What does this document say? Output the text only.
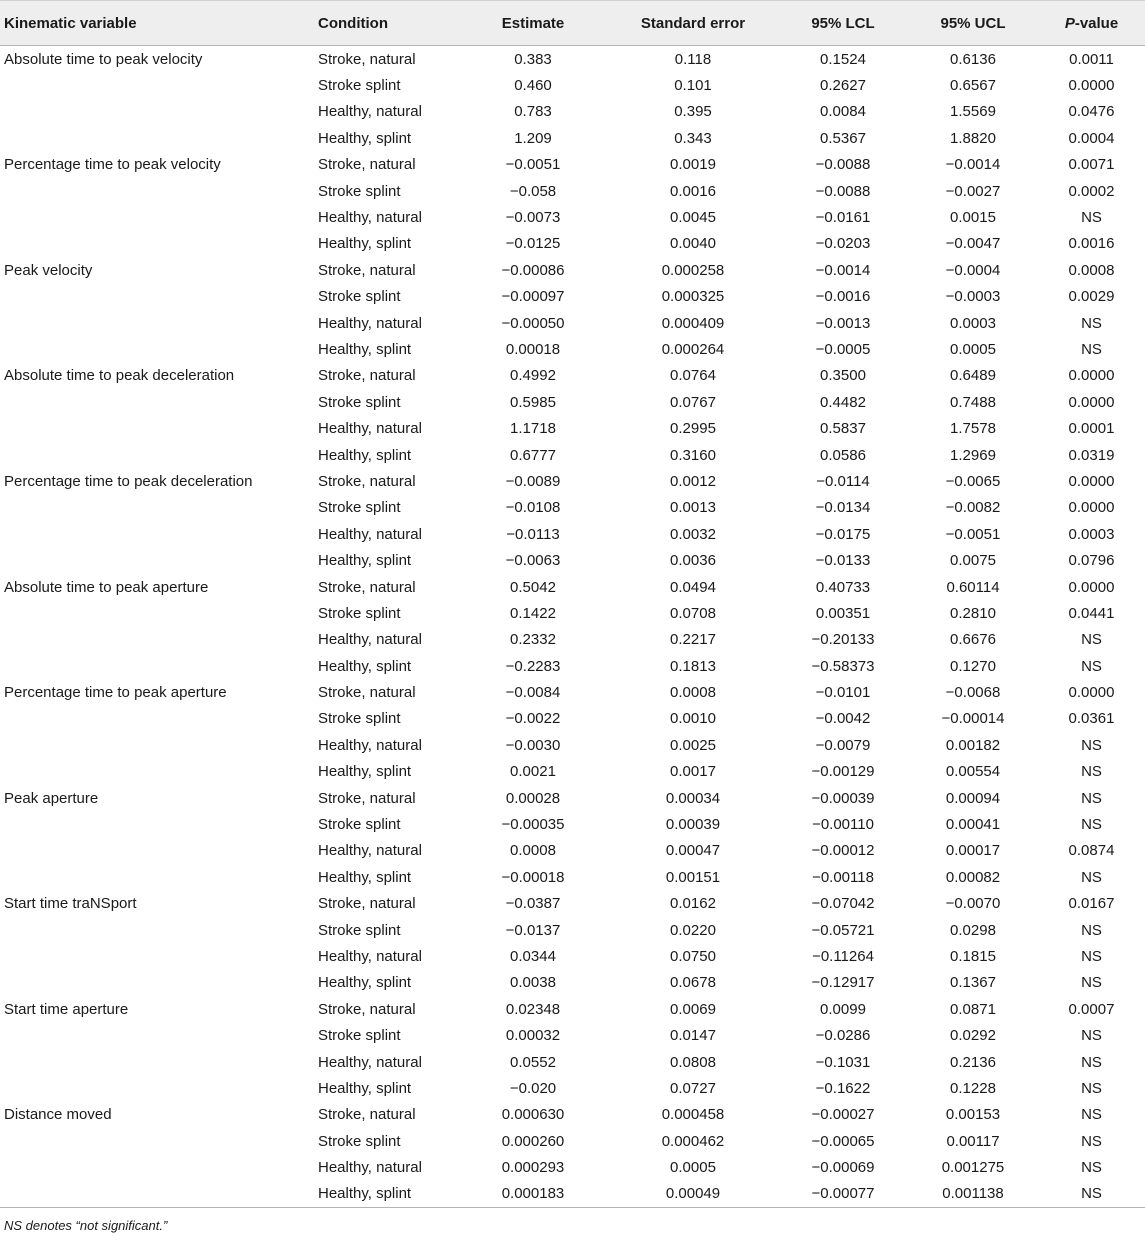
Kinematic variable	Condition	Estimate	Standard error	95% LCL	95% UCL	P-value
Absolute time to peak velocity	Stroke, natural	0.383	0.118	0.1524	0.6136	0.0011
	Stroke splint	0.460	0.101	0.2627	0.6567	0.0000
	Healthy, natural	0.783	0.395	0.0084	1.5569	0.0476
	Healthy, splint	1.209	0.343	0.5367	1.8820	0.0004
Percentage time to peak velocity	Stroke, natural	−0.0051	0.0019	−0.0088	−0.0014	0.0071
	Stroke splint	−0.058	0.0016	−0.0088	−0.0027	0.0002
	Healthy, natural	−0.0073	0.0045	−0.0161	0.0015	NS
	Healthy, splint	−0.0125	0.0040	−0.0203	−0.0047	0.0016
Peak velocity	Stroke, natural	−0.00086	0.000258	−0.0014	−0.0004	0.0008
	Stroke splint	−0.00097	0.000325	−0.0016	−0.0003	0.0029
	Healthy, natural	−0.00050	0.000409	−0.0013	0.0003	NS
	Healthy, splint	0.00018	0.000264	−0.0005	0.0005	NS
Absolute time to peak deceleration	Stroke, natural	0.4992	0.0764	0.3500	0.6489	0.0000
	Stroke splint	0.5985	0.0767	0.4482	0.7488	0.0000
	Healthy, natural	1.1718	0.2995	0.5837	1.7578	0.0001
	Healthy, splint	0.6777	0.3160	0.0586	1.2969	0.0319
Percentage time to peak deceleration	Stroke, natural	−0.0089	0.0012	−0.0114	−0.0065	0.0000
	Stroke splint	−0.0108	0.0013	−0.0134	−0.0082	0.0000
	Healthy, natural	−0.0113	0.0032	−0.0175	−0.0051	0.0003
	Healthy, splint	−0.0063	0.0036	−0.0133	0.0075	0.0796
Absolute time to peak aperture	Stroke, natural	0.5042	0.0494	0.40733	0.60114	0.0000
	Stroke splint	0.1422	0.0708	0.00351	0.2810	0.0441
	Healthy, natural	0.2332	0.2217	−0.20133	0.6676	NS
	Healthy, splint	−0.2283	0.1813	−0.58373	0.1270	NS
Percentage time to peak aperture	Stroke, natural	−0.0084	0.0008	−0.0101	−0.0068	0.0000
	Stroke splint	−0.0022	0.0010	−0.0042	−0.00014	0.0361
	Healthy, natural	−0.0030	0.0025	−0.0079	0.00182	NS
	Healthy, splint	0.0021	0.0017	−0.00129	0.00554	NS
Peak aperture	Stroke, natural	0.00028	0.00034	−0.00039	0.00094	NS
	Stroke splint	−0.00035	0.00039	−0.00110	0.00041	NS
	Healthy, natural	0.0008	0.00047	−0.00012	0.00017	0.0874
	Healthy, splint	−0.00018	0.00151	−0.00118	0.00082	NS
Start time traNSport	Stroke, natural	−0.0387	0.0162	−0.07042	−0.0070	0.0167
	Stroke splint	−0.0137	0.0220	−0.05721	0.0298	NS
	Healthy, natural	0.0344	0.0750	−0.11264	0.1815	NS
	Healthy, splint	0.0038	0.0678	−0.12917	0.1367	NS
Start time aperture	Stroke, natural	0.02348	0.0069	0.0099	0.0871	0.0007
	Stroke splint	0.00032	0.0147	−0.0286	0.0292	NS
	Healthy, natural	0.0552	0.0808	−0.1031	0.2136	NS
	Healthy, splint	−0.020	0.0727	−0.1622	0.1228	NS
Distance moved	Stroke, natural	0.000630	0.000458	−0.00027	0.00153	NS
	Stroke splint	0.000260	0.000462	−0.00065	0.00117	NS
	Healthy, natural	0.000293	0.0005	−0.00069	0.001275	NS
	Healthy, splint	0.000183	0.00049	−0.00077	0.001138	NS
NS denotes “not significant.”
